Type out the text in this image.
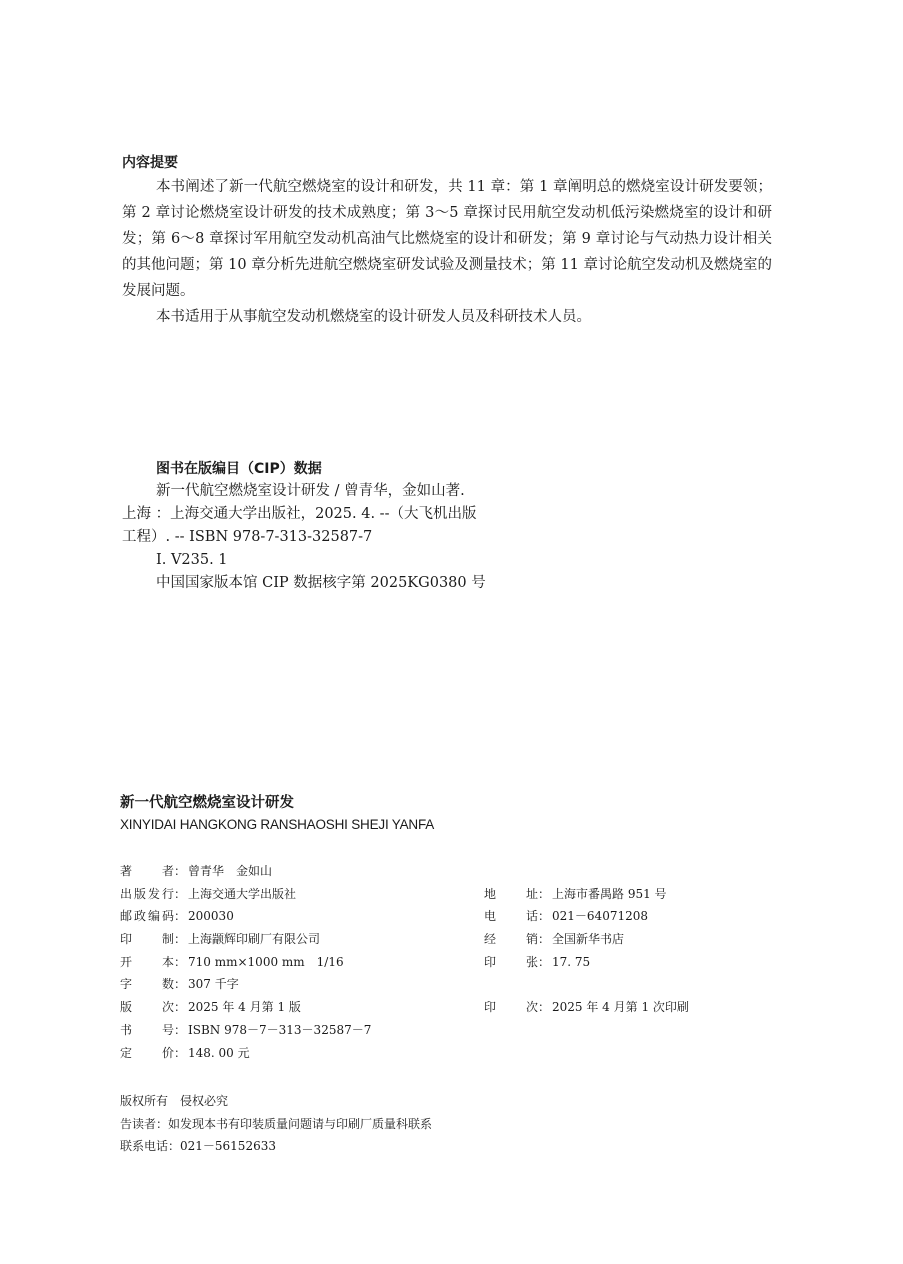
内容提要

本书阐述了新一代航空燃烧室的设计和研发，共 11 章：第 1 章阐明总的燃烧室设计研发要领；第 2 章讨论燃烧室设计研发的技术成熟度；第 3～5 章探讨民用航空发动机低污染燃烧室的设计和研发；第 6～8 章探讨军用航空发动机高油气比燃烧室的设计和研发；第 9 章讨论与气动热力设计相关的其他问题；第 10 章分析先进航空燃烧室研发试验及测量技术；第 11 章讨论航空发动机及燃烧室的发展问题。

本书适用于从事航空发动机燃烧室的设计研发人员及科研技术人员。

图书在版编目（CIP）数据
新一代航空燃烧室设计研发 / 曾青华，金如山著.
上海 ：上海交通大学出版社，2025. 4. --（大飞机出版
工程）. -- ISBN 978-7-313-32587-7
Ⅰ. V235. 1
中国国家版本馆 CIP 数据核字第 2025KG0380 号
新一代航空燃烧室设计研发
XINYIDAI HANGKONG RANSHAOSHI SHEJI YANFA
著　者： 曾青华　金如山
出版发行： 上海交通大学出版社	地　址： 上海市番禺路 951 号
邮政编码： 200030	电　话： 021－64071208
印　制： 上海颛辉印刷厂有限公司	经　销： 全国新华书店
开　本： 710 mm×1000 mm　1/16	印　张： 17. 75
字　数： 307 千字
版　次： 2025 年 4 月第 1 版	印　次： 2025 年 4 月第 1 次印刷
书　号： ISBN 978－7－313－32587－7
定　价： 148. 00 元
版权所有　侵权必究
告读者：如发现本书有印装质量问题请与印刷厂质量科联系
联系电话：021－56152633
